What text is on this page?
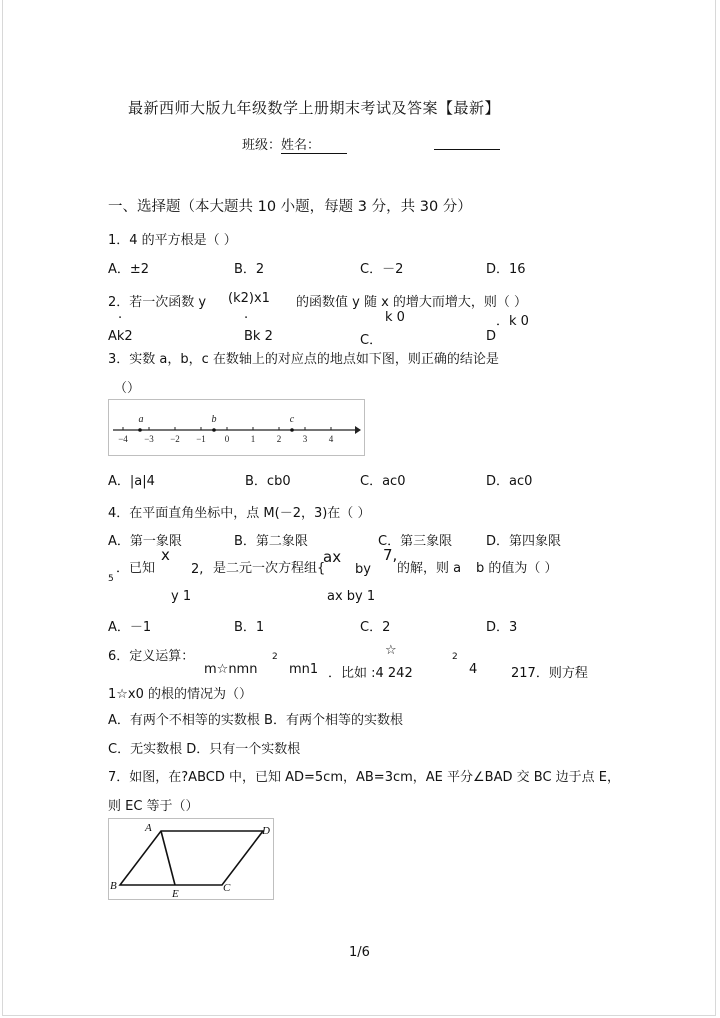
最新西师大版九年级数学上册期末考试及答案【最新】
班级： 姓名：

一、选择题（本大题共 10 小题，每题 3 分，共 30 分）
1．4 的平方根是（ ）
A．±2	B．2	C．－2	D．16
2．若一次函数 y (k2)x1 的函数值 y 随 x 的增大而增大，则（ ）
.	.	k 0	．k 0
Ak2	Bk 2	C．	D
3．实数 a，b，c 在数轴上的对应点的地点如下图，则正确的结论是
（）
−4 −3 −2 −1 0 1 2 3 4
a	b	c
A．|a|4	B．cb0	C．ac0	D．ac0
4．在平面直角坐标中，点 M(－2，3)在（ ）
A．第一象限	B．第二象限	C．第三象限	D．第四象限
．已知
x
2, 是二元一次方程组{
ax
by
7,
的解，则 a b 的值为（ ）
5
y 1	ax by 1
A．－1	B．1	C．2	D．3
6．定义运算：	2	☆	2
m☆nmn mn1 ．比如 :4 242	4	217．则方程
1☆x0 的根的情况为（）
A．有两个不相等的实数根 B．有两个相等的实数根
C．无实数根 D．只有一个实数根
7．如图，在?ABCD 中，已知 AD=5cm，AB=3cm，AE 平分∠BAD 交 BC 边于点 E，
则 EC 等于（）
A	D
B
E	C
1/6
